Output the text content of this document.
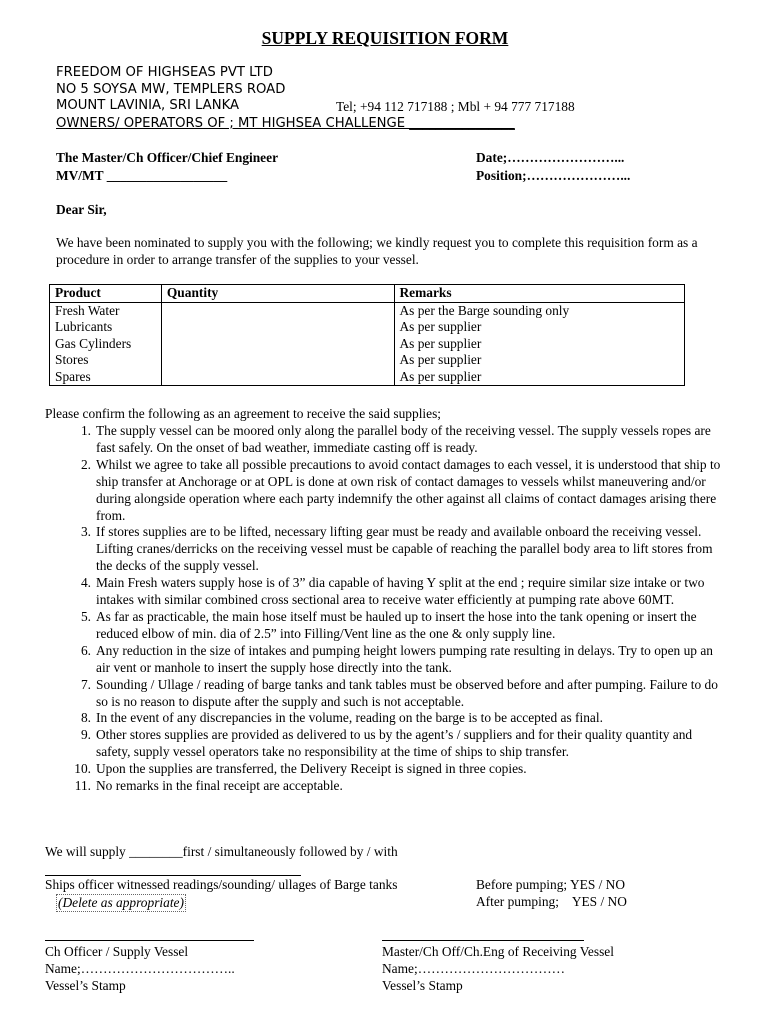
SUPPLY REQUISITION FORM
FREEDOM OF HIGHSEAS PVT LTD
NO 5 SOYSA MW, TEMPLERS ROAD
MOUNT LAVINIA, SRI LANKA	Tel; +94 112 717188 ; Mbl + 94 777 717188
OWNERS/ OPERATORS OF ; MT HIGHSEA CHALLENGE ________________
The Master/Ch Officer/Chief Engineer
MV/MT __________________
Date;……………………...
Position;…………………...
Dear Sir,
We have been nominated to supply you with the following; we kindly request you to complete this requisition form as a procedure in order to arrange transfer of the supplies to your vessel.
Product	Quantity	Remarks
Fresh Water		As per the Barge sounding only
Lubricants		As per supplier
Gas Cylinders		As per supplier
Stores		As per supplier
Spares		As per supplier
Please confirm the following as an agreement to receive the said supplies;
1. The supply vessel can be moored only along the parallel body of the receiving vessel. The supply vessels ropes are fast safely. On the onset of bad weather, immediate casting off is ready.
2. Whilst we agree to take all possible precautions to avoid contact damages to each vessel, it is understood that ship to ship transfer at Anchorage or at OPL is done at own risk of contact damages to vessels whilst maneuvering and/or during alongside operation where each party indemnify the other against all claims of contact damages arising there from.
3. If stores supplies are to be lifted, necessary lifting gear must be ready and available onboard the receiving vessel. Lifting cranes/derricks on the receiving vessel must be capable of reaching the parallel body area to lift stores from the decks of the supply vessel.
4. Main Fresh waters supply hose is of 3” dia capable of having Y split at the end ; require similar size intake or two intakes with similar combined cross sectional area to receive water efficiently at pumping rate above 60MT.
5. As far as practicable, the main hose itself must be hauled up to insert the hose into the tank opening or insert the reduced elbow of min. dia of 2.5” into Filling/Vent line as the one & only supply line.
6. Any reduction in the size of intakes and pumping height lowers pumping rate resulting in delays. Try to open up an air vent or manhole to insert the supply hose directly into the tank.
7. Sounding / Ullage / reading of barge tanks and tank tables must be observed before and after pumping. Failure to do so is no reason to dispute after the supply and such is not acceptable.
8. In the event of any discrepancies in the volume, reading on the barge is to be accepted as final.
9. Other stores supplies are provided as delivered to us by the agent’s / suppliers and for their quality quantity and safety, supply vessel operators take no responsibility at the time of ships to ship transfer.
10. Upon the supplies are transferred, the Delivery Receipt is signed in three copies.
11. No remarks in the final receipt are acceptable.
We will supply ________first / simultaneously followed by / with
Ships officer witnessed readings/sounding/ ullages of Barge tanks
(Delete as appropriate)
Before pumping; YES / NO
After pumping;    YES / NO
Ch Officer / Supply Vessel
Name;……………………………..
Vessel’s Stamp
Master/Ch Off/Ch.Eng of Receiving Vessel
Name;……………………………
Vessel’s Stamp
